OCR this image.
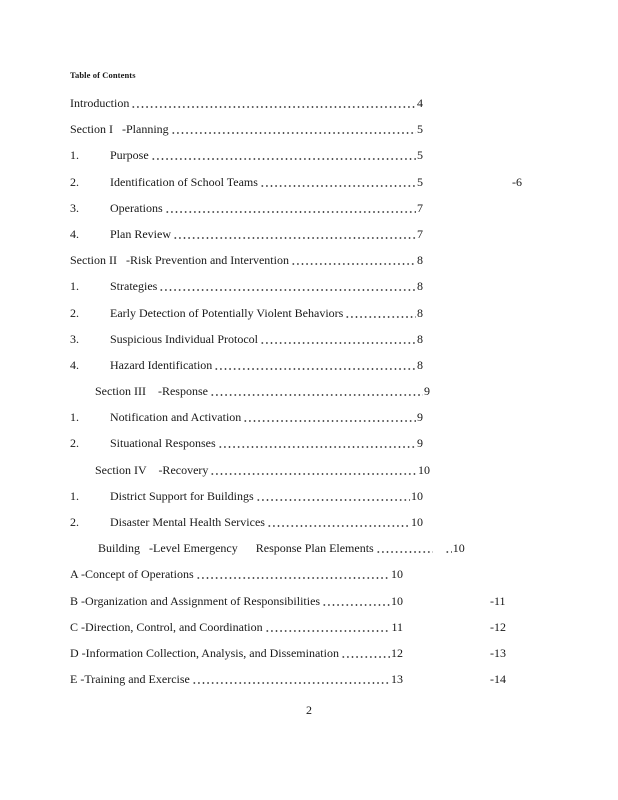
Table of Contents
Introduction	4
Section I   -Planning	5
1.	Purpose	5
2.	Identification of School Teams	5	-6
3.	Operations	7
4.	Plan Review	7
Section II   -Risk Prevention and Intervention	8
1.	Strategies	8
2.	Early Detection of Potentially Violent Behaviors	8
3.	Suspicious Individual Protocol	8
4.	Hazard Identification	8
Section III    -Response	9
1.	Notification and Activation	9
2.	Situational Responses	9
Section IV    -Recovery	10
1.	District Support for Buildings	10
2.	Disaster Mental Health Services	10
Building   -Level Emergency      Response Plan Elements	10
A -Concept of Operations	10
B -Organization and Assignment of Responsibilities	10	-11
C -Direction, Control, and Coordination	11	-12
D -Information Collection, Analysis, and Dissemination	12	-13
E -Training and Exercise	13	-14
2
